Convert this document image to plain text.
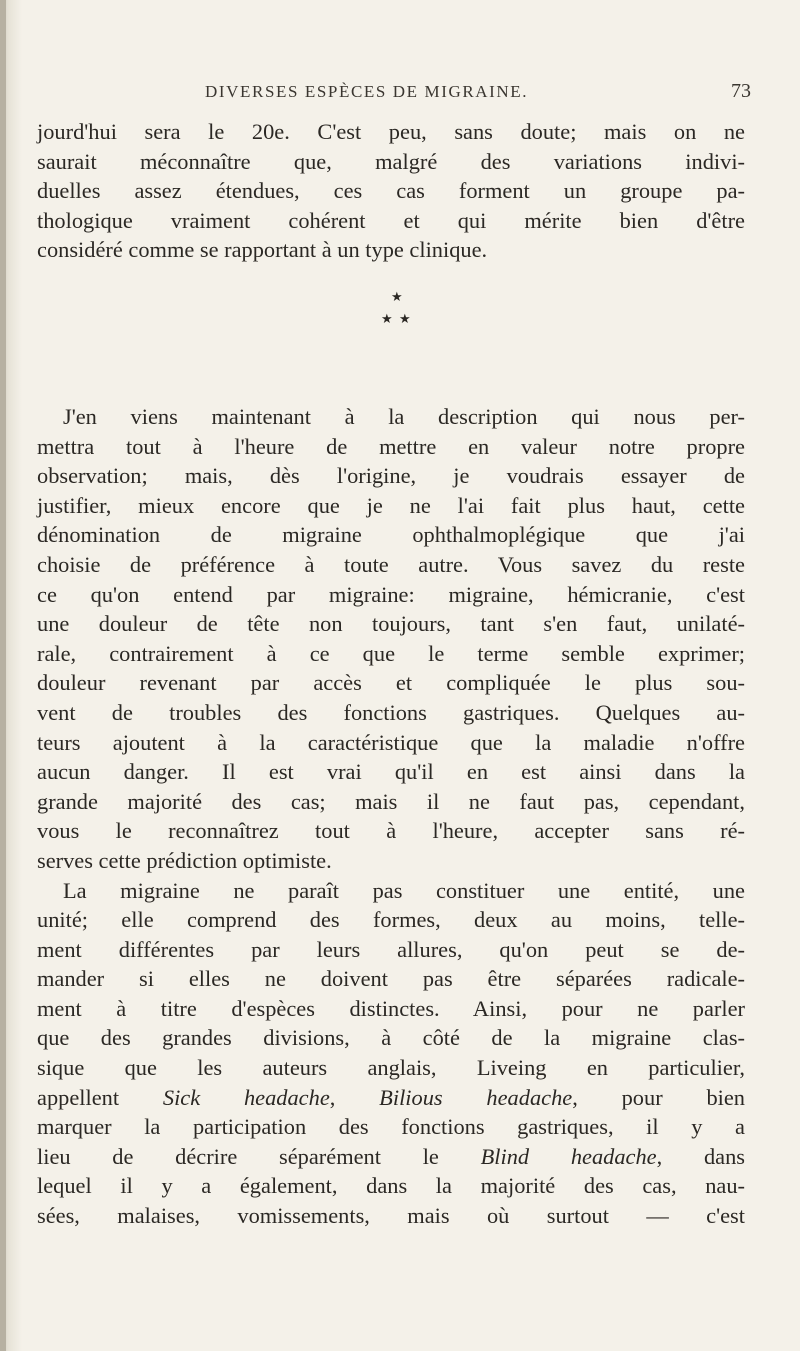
DIVERSES ESPÈCES DE MIGRAINE.	73
jourd'hui sera le 20e. C'est peu, sans doute; mais on ne
saurait méconnaître que, malgré des variations indivi-
duelles assez étendues, ces cas forment un groupe pa-
thologique vraiment cohérent et qui mérite bien d'être
considéré comme se rapportant à un type clinique.
★
★ ★
J'en viens maintenant à la description qui nous per-
mettra tout à l'heure de mettre en valeur notre propre
observation; mais, dès l'origine, je voudrais essayer de
justifier, mieux encore que je ne l'ai fait plus haut, cette
dénomination de migraine ophthalmoplégique que j'ai
choisie de préférence à toute autre. Vous savez du reste
ce qu'on entend par migraine: migraine, hémicranie, c'est
une douleur de tête non toujours, tant s'en faut, unilaté-
rale, contrairement à ce que le terme semble exprimer;
douleur revenant par accès et compliquée le plus sou-
vent de troubles des fonctions gastriques. Quelques au-
teurs ajoutent à la caractéristique que la maladie n'offre
aucun danger. Il est vrai qu'il en est ainsi dans la
grande majorité des cas; mais il ne faut pas, cependant,
vous le reconnaîtrez tout à l'heure, accepter sans ré-
serves cette prédiction optimiste.
La migraine ne paraît pas constituer une entité, une
unité; elle comprend des formes, deux au moins, telle-
ment différentes par leurs allures, qu'on peut se de-
mander si elles ne doivent pas être séparées radicale-
ment à titre d'espèces distinctes. Ainsi, pour ne parler
que des grandes divisions, à côté de la migraine clas-
sique que les auteurs anglais, Liveing en particulier,
appellent Sick headache, Bilious headache, pour bien
marquer la participation des fonctions gastriques, il y a
lieu de décrire séparément le Blind headache, dans
lequel il y a également, dans la majorité des cas, nau-
sées, malaises, vomissements, mais où surtout — c'est
